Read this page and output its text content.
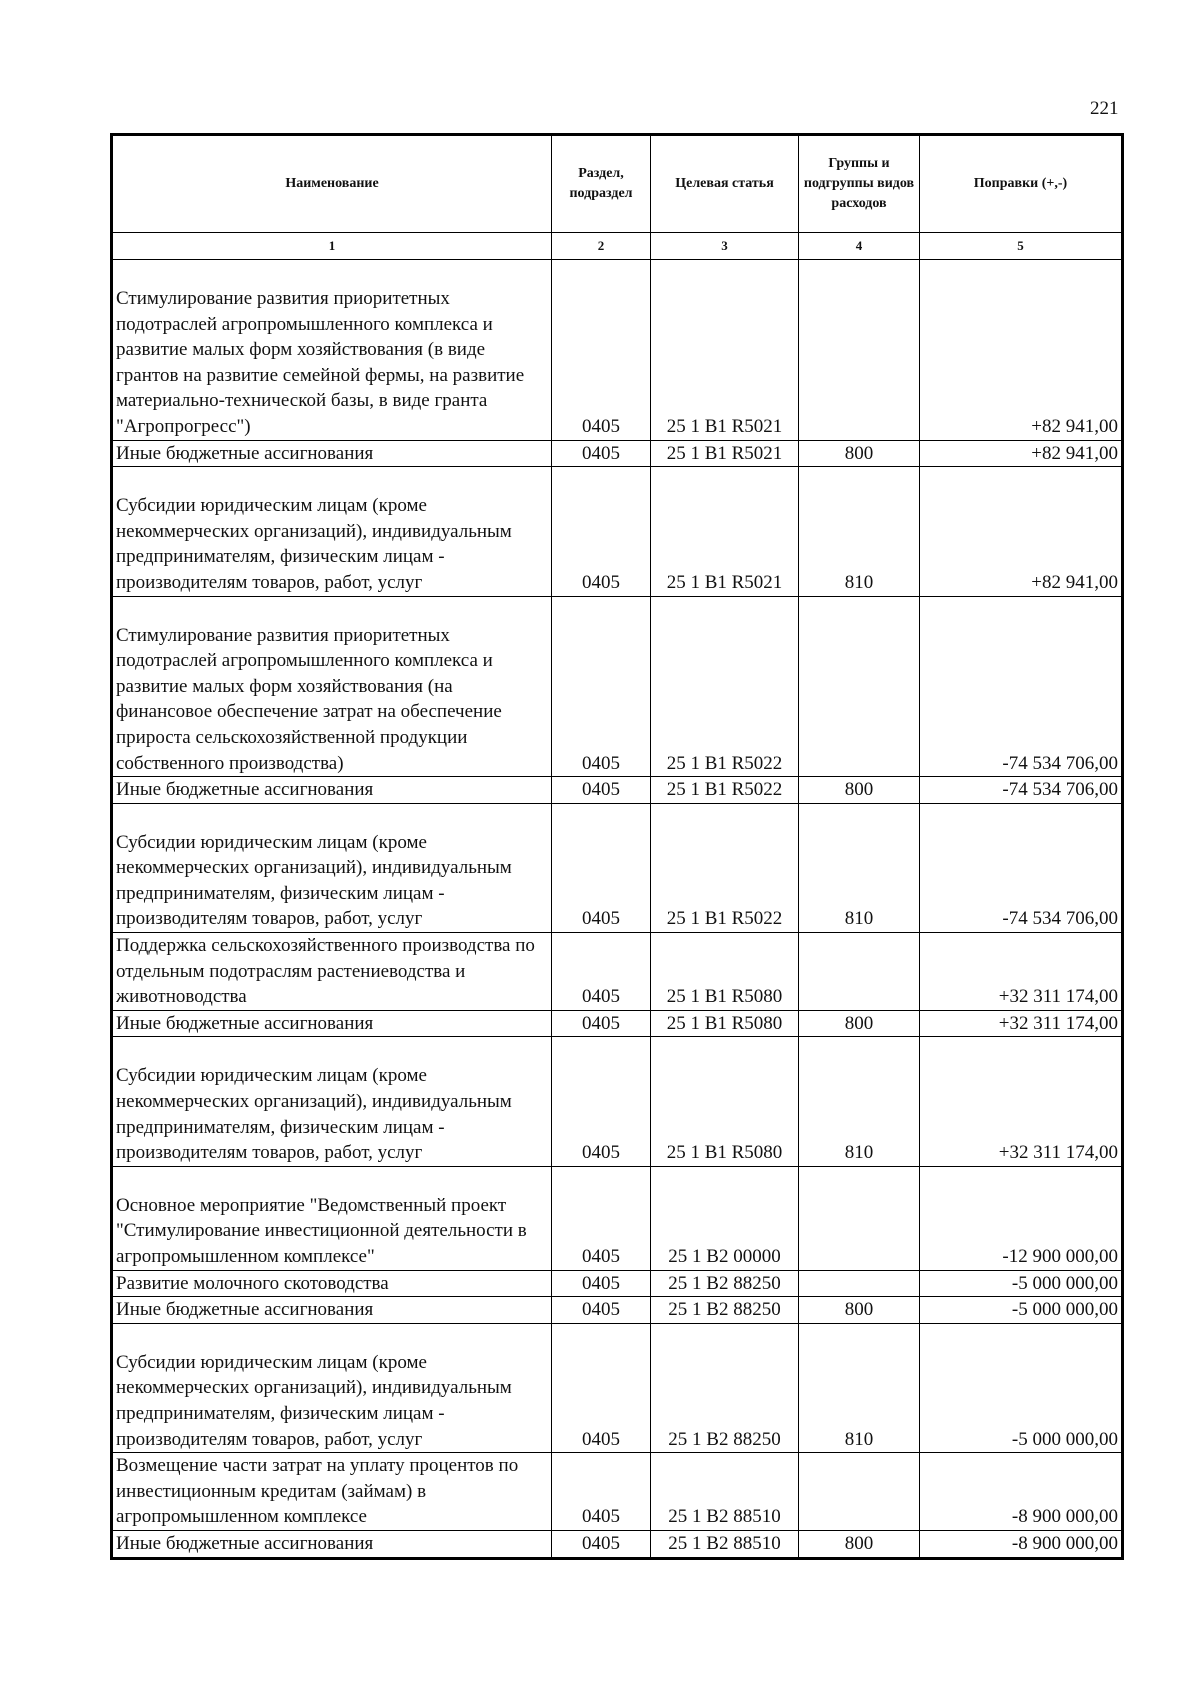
221
Наименование	Раздел, подраздел	Целевая статья	Группы и подгруппы видов расходов	Поправки (+,-)
1	2	3	4	5

Стимулирование развития приоритетных подотраслей агропромышленного комплекса и развитие малых форм хозяйствования (в виде грантов на развитие семейной фермы, на развитие материально-технической базы, в виде гранта "Агропрогресс")	0405	25 1 B1 R5021		+82 941,00
Иные бюджетные ассигнования	0405	25 1 B1 R5021	800	+82 941,00

Субсидии юридическим лицам (кроме некоммерческих организаций), индивидуальным предпринимателям, физическим лицам - производителям товаров, работ, услуг	0405	25 1 B1 R5021	810	+82 941,00

Стимулирование развития приоритетных подотраслей агропромышленного комплекса и развитие малых форм хозяйствования (на финансовое обеспечение затрат на обеспечение прироста сельскохозяйственной продукции собственного производства)	0405	25 1 B1 R5022		-74 534 706,00
Иные бюджетные ассигнования	0405	25 1 B1 R5022	800	-74 534 706,00

Субсидии юридическим лицам (кроме некоммерческих организаций), индивидуальным предпринимателям, физическим лицам - производителям товаров, работ, услуг	0405	25 1 B1 R5022	810	-74 534 706,00
Поддержка сельскохозяйственного производства по отдельным подотраслям растениеводства и животноводства	0405	25 1 B1 R5080		+32 311 174,00
Иные бюджетные ассигнования	0405	25 1 B1 R5080	800	+32 311 174,00

Субсидии юридическим лицам (кроме некоммерческих организаций), индивидуальным предпринимателям, физическим лицам - производителям товаров, работ, услуг	0405	25 1 B1 R5080	810	+32 311 174,00

Основное мероприятие "Ведомственный проект "Стимулирование инвестиционной деятельности в агропромышленном комплексе"	0405	25 1 B2 00000		-12 900 000,00
Развитие молочного скотоводства	0405	25 1 B2 88250		-5 000 000,00
Иные бюджетные ассигнования	0405	25 1 B2 88250	800	-5 000 000,00

Субсидии юридическим лицам (кроме некоммерческих организаций), индивидуальным предпринимателям, физическим лицам - производителям товаров, работ, услуг	0405	25 1 B2 88250	810	-5 000 000,00
Возмещение части затрат на уплату процентов по инвестиционным кредитам (займам) в агропромышленном комплексе	0405	25 1 B2 88510		-8 900 000,00
Иные бюджетные ассигнования	0405	25 1 B2 88510	800	-8 900 000,00
